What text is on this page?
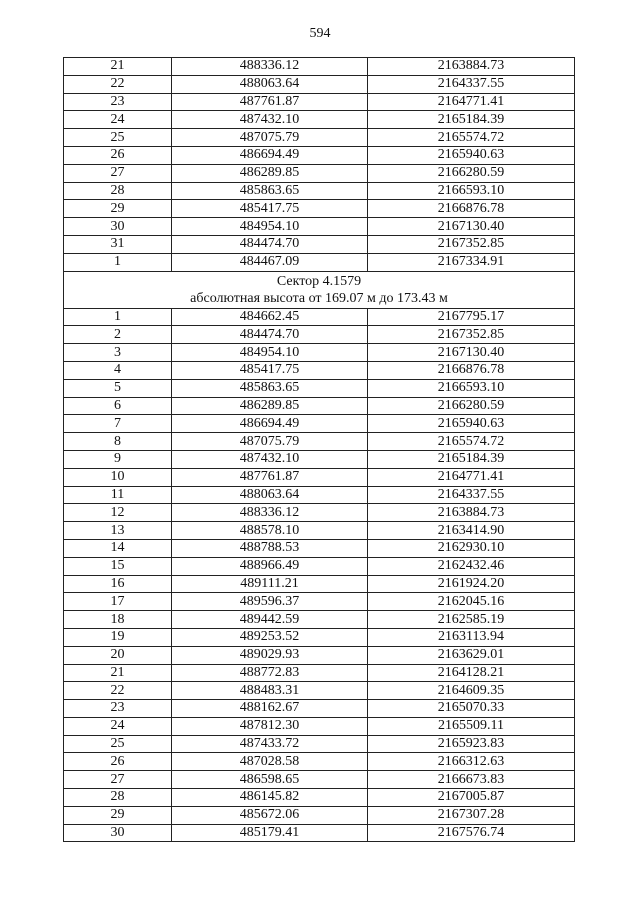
594
21	488336.12	2163884.73
22	488063.64	2164337.55
23	487761.87	2164771.41
24	487432.10	2165184.39
25	487075.79	2165574.72
26	486694.49	2165940.63
27	486289.85	2166280.59
28	485863.65	2166593.10
29	485417.75	2166876.78
30	484954.10	2167130.40
31	484474.70	2167352.85
1	484467.09	2167334.91

Сектор 4.1579
абсолютная высота от 169.07 м до 173.43 м		

1	484662.45	2167795.17
2	484474.70	2167352.85
3	484954.10	2167130.40
4	485417.75	2166876.78
5	485863.65	2166593.10
6	486289.85	2166280.59
7	486694.49	2165940.63
8	487075.79	2165574.72
9	487432.10	2165184.39
10	487761.87	2164771.41
11	488063.64	2164337.55
12	488336.12	2163884.73
13	488578.10	2163414.90
14	488788.53	2162930.10
15	488966.49	2162432.46
16	489111.21	2161924.20
17	489596.37	2162045.16
18	489442.59	2162585.19
19	489253.52	2163113.94
20	489029.93	2163629.01
21	488772.83	2164128.21
22	488483.31	2164609.35
23	488162.67	2165070.33
24	487812.30	2165509.11
25	487433.72	2165923.83
26	487028.58	2166312.63
27	486598.65	2166673.83
28	486145.82	2167005.87
29	485672.06	2167307.28
30	485179.41	2167576.74
